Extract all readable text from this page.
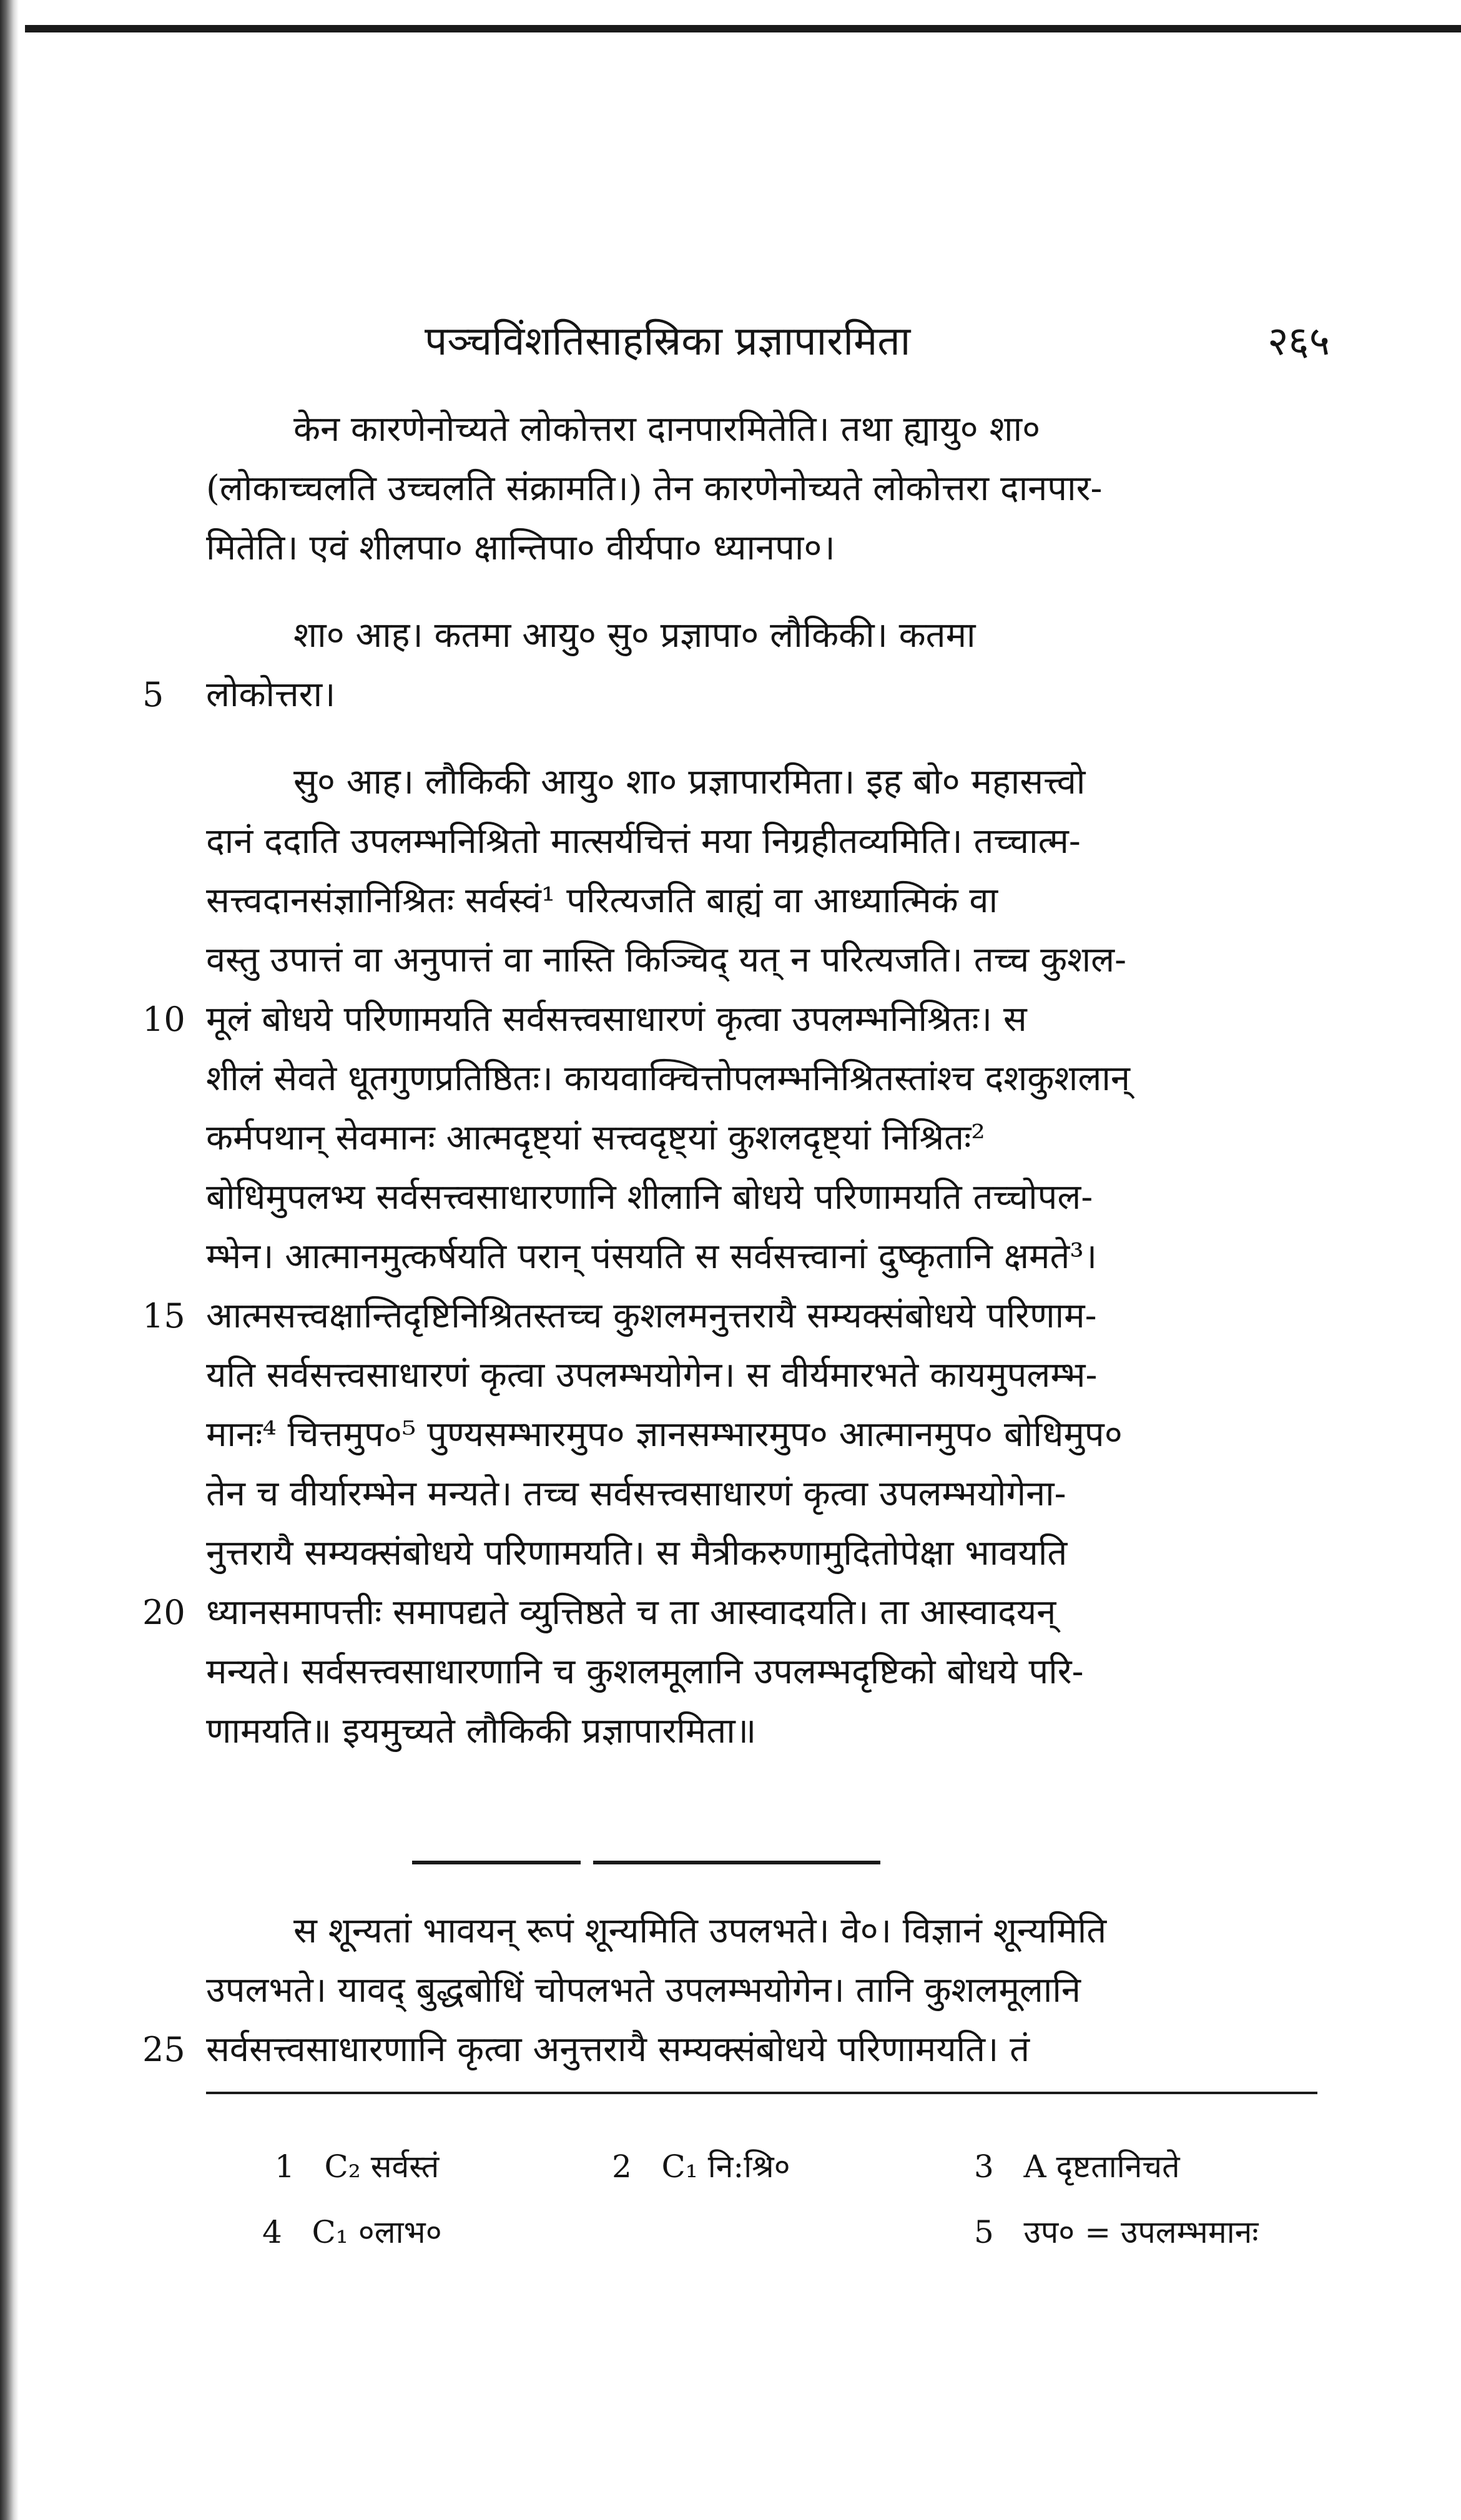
पञ्चविंशतिसाहस्रिका प्रज्ञापारमिता	२६५
केन कारणेनोच्यते लोकोत्तरा दानपारमितेति। तथा ह्यायु० शा०
(लोकाच्चलति उच्चलति संक्रामति।) तेन कारणेनोच्यते लोकोत्तरा दानपार-
मितेति। एवं शीलपा० क्षान्तिपा० वीर्यपा० ध्यानपा०।
शा० आह। कतमा आयु० सु० प्रज्ञापा० लौकिकी। कतमा
5	लोकोत्तरा।
सु० आह। लौकिकी आयु० शा० प्रज्ञापारमिता। इह बो० महासत्त्वो
दानं ददाति उपलम्भनिश्रितो मात्सर्यचित्तं मया निग्रहीतव्यमिति। तच्चात्म-
सत्त्वदानसंज्ञानिश्रितः सर्वस्वं¹ परित्यजति बाह्यं वा आध्यात्मिकं वा
वस्तु उपात्तं वा अनुपात्तं वा नास्ति किञ्चिद् यत् न परित्यजति। तच्च कुशल-
10 मूलं बोधये परिणामयति सर्वसत्त्वसाधारणं कृत्वा उपलम्भनिश्रितः। स
शीलं सेवते धूतगुणप्रतिष्ठितः। कायवाक्चित्तोपलम्भनिश्रितस्तांश्च दशकुशलान्
कर्मपथान् सेवमानः आत्मदृष्ट्यां सत्त्वदृष्ट्यां कुशलदृष्ट्यां निश्रितः²
बोधिमुपलभ्य सर्वसत्त्वसाधारणानि शीलानि बोधये परिणामयति तच्चोपल-
म्भेन। आत्मानमुत्कर्षयति परान् पंसयति स सर्वसत्त्वानां दुष्कृतानि क्षमते³।
15 आत्मसत्त्वक्षान्तिदृष्टिनिश्रितस्तच्च कुशलमनुत्तरायै सम्यक्संबोधये परिणाम-
यति सर्वसत्त्वसाधारणं कृत्वा उपलम्भयोगेन। स वीर्यमारभते कायमुपलम्भ-
मानः⁴ चित्तमुप०⁵ पुण्यसम्भारमुप० ज्ञानसम्भारमुप० आत्मानमुप० बोधिमुप०
तेन च वीर्यारम्भेन मन्यते। तच्च सर्वसत्त्वसाधारणं कृत्वा उपलम्भयोगेना-
नुत्तरायै सम्यक्संबोधये परिणामयति। स मैत्रीकरुणामुदितोपेक्षा भावयति
20 ध्यानसमापत्तीः समापद्यते व्युत्तिष्ठते च ता आस्वादयति। ता आस्वादयन्
मन्यते। सर्वसत्त्वसाधारणानि च कुशलमूलानि उपलम्भदृष्टिको बोधये परि-
णामयति॥ इयमुच्यते लौकिकी प्रज्ञापारमिता॥
स शून्यतां भावयन् रूपं शून्यमिति उपलभते। वे०। विज्ञानं शून्यमिति
उपलभते। यावद् बुद्धबोधिं चोपलभते उपलम्भयोगेन। तानि कुशलमूलानि
25 सर्वसत्त्वसाधारणानि कृत्वा अनुत्तरायै सम्यक्संबोधये परिणामयति। तं
1 C₂ सर्वस्तं	2 C₁ नि:श्रि०	3 A दृष्टतानिचते
4 C₁ ०लाभ०	5 उप० = उपलम्भमानः
